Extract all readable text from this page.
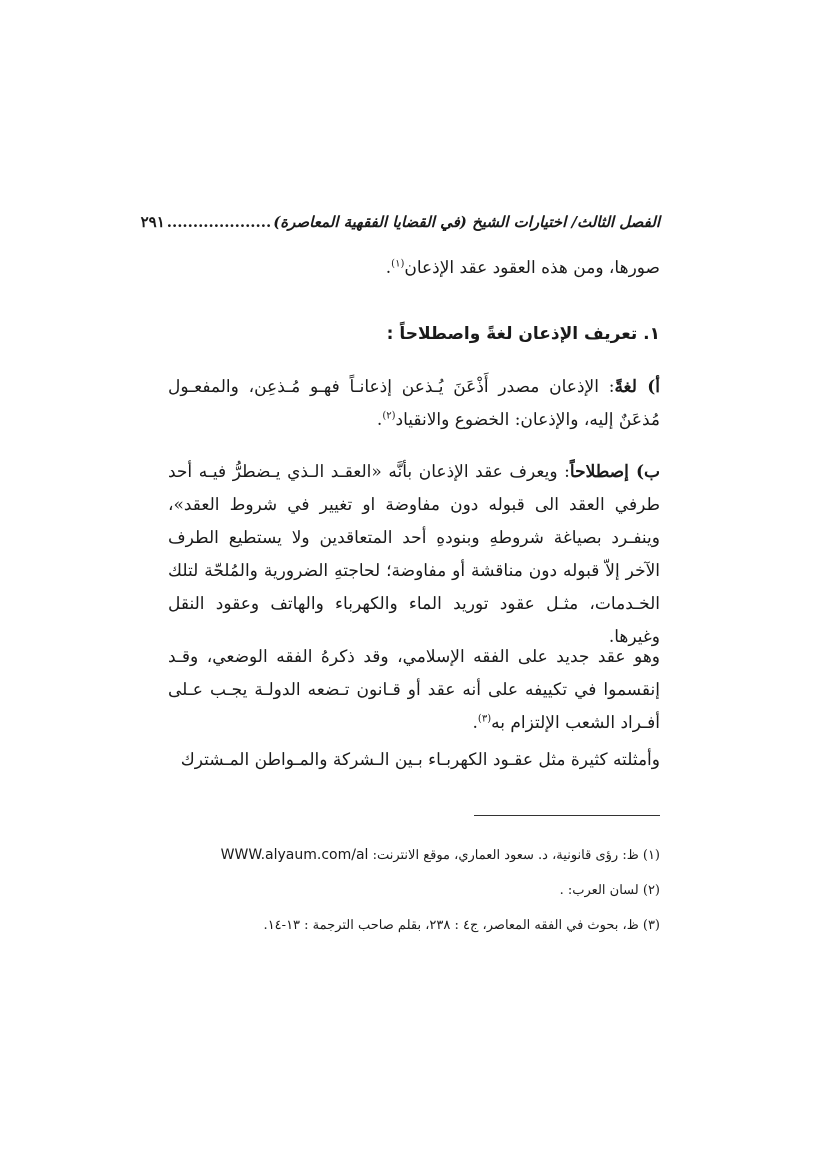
الفصل الثالث/ اختيارات الشيخ (في القضايا الفقهية المعاصرة)
....................
٢٩١

صورها، ومن هذه العقود عقد الإذعان$^{(١)}$.

١. تعريف الإذعان لغةً واصطلاحاً :

أ) لغةً: الإذعان مصدر أَذْعَنَ يُـذعن إذعانـاً فهـو مُـذعِن، والمفعـول مُذعَنٌ إليه، والإذعان: الخضوع والانقياد$^{(٢)}$.

ب) إصطلاحاً: ويعرف عقد الإذعان بأنَّه «العقـد الـذي يـضطرُّ فيـه أحد طرفي العقد الى قبوله دون مفاوضة او تغيير في شروط العقد»، وينفـرد بصياغة شروطهِ وبنودهِ أحد المتعاقدين ولا يستطيع الطرف الآخر إلاّ قبوله دون مناقشة أو مفاوضة؛ لحاجتهِ الضرورية والمُلحّة لتلك الخـدمات، مثـل عقود توريد الماء والكهرباء والهاتف وعقود النقل وغيرها.

وهو عقد جديد على الفقه الإسلامي، وقد ذكرهُ الفقه الوضعي، وقـد إنقسموا في تكييفه على أنه عقد أو قـانون تـضعه الدولـة يجـب عـلى أفـراد الشعب الإلتزام به$^{(٣)}$.

وأمثلته كثيرة مثل عقـود الكهربـاء بـين الـشركة والمـواطن المـشترك

(١) ظ: رؤى قانونية، د. سعود العماري، موقع الانترنت: WWW.alyaum.com/al
(٢) لسان العرب: .
(٣) ظ، بحوث في الفقه المعاصر، ج٤ : ٢٣٨، بقلم صاحب الترجمة : ١٣-١٤.
